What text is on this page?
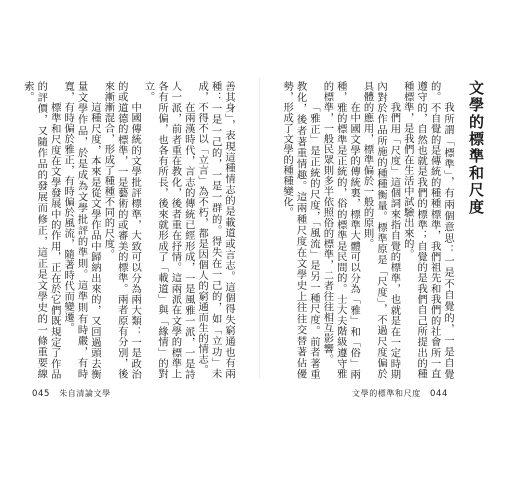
善其身」，表現這種情志的是載道或言志。這個得失窮通也有兩種：一是一己的，一是一群的。得失在一己的，如「立功」未成，不得不以「立言」為不朽，都是因個人的窮通而生的情志。

在兩漢時代，言志的傳統已經形成，一是風雅一派，一是詩人一派，前者重在教化，後者重在抒情。這兩派在文學的標準上各有所偏，也各有所長，後來就形成了「載道」與「緣情」的對立。

中國傳統的文學批評標準，大致可以分為兩大類：一是政治的或道德的標準，一是藝術的或審美的標準。兩者原有分別，後來漸漸混合，形成了種種不同的尺度。

這種尺度，本來是從文學作品中歸納出來的，又回過頭去衡量文學作品，於是成為文學批評的準則。這準則有時嚴，有時寬，有時偏於雅正，有時偏於風流，隨著時代而變遷。

標準和尺度在文學發展中的作用，正在於它們既規定了作品的評價，又隨作品的發展而修正，這正是文學史的一條重要線索。

045 朱自清論文學
文學的標準和尺度

我所謂「標準」，有兩個意思：一是不自覺的，一是自覺的。不自覺的是傳統的種種標準，我們祖先和我們的社會所一直遵守的，自然也就是我們的標準；自覺的是我們自己所提出的種種標準，是我們在生活中試驗出來的。

我們用「尺度」這個詞來指自覺的標準，也就是在一定時期內對於作品所施的種種衡量。標準原是「尺度」，不過尺度偏於具體的應用，標準偏於一般的原則。

在中國文學的傳統裏，標準大體可以分為「雅」和「俗」兩種，雅的標準是正統的，俗的標準是民間的。士大夫階級遵守雅的標準，一般民眾則多半依照俗的標準，二者往往相互影響。

「雅正」是正統的尺度，「風流」是另一種尺度。前者著重教化，後者著重情趣。這兩種尺度在文學史上往往交替著佔優勢，形成了文學的種種變化。

文學的標準和尺度 044
